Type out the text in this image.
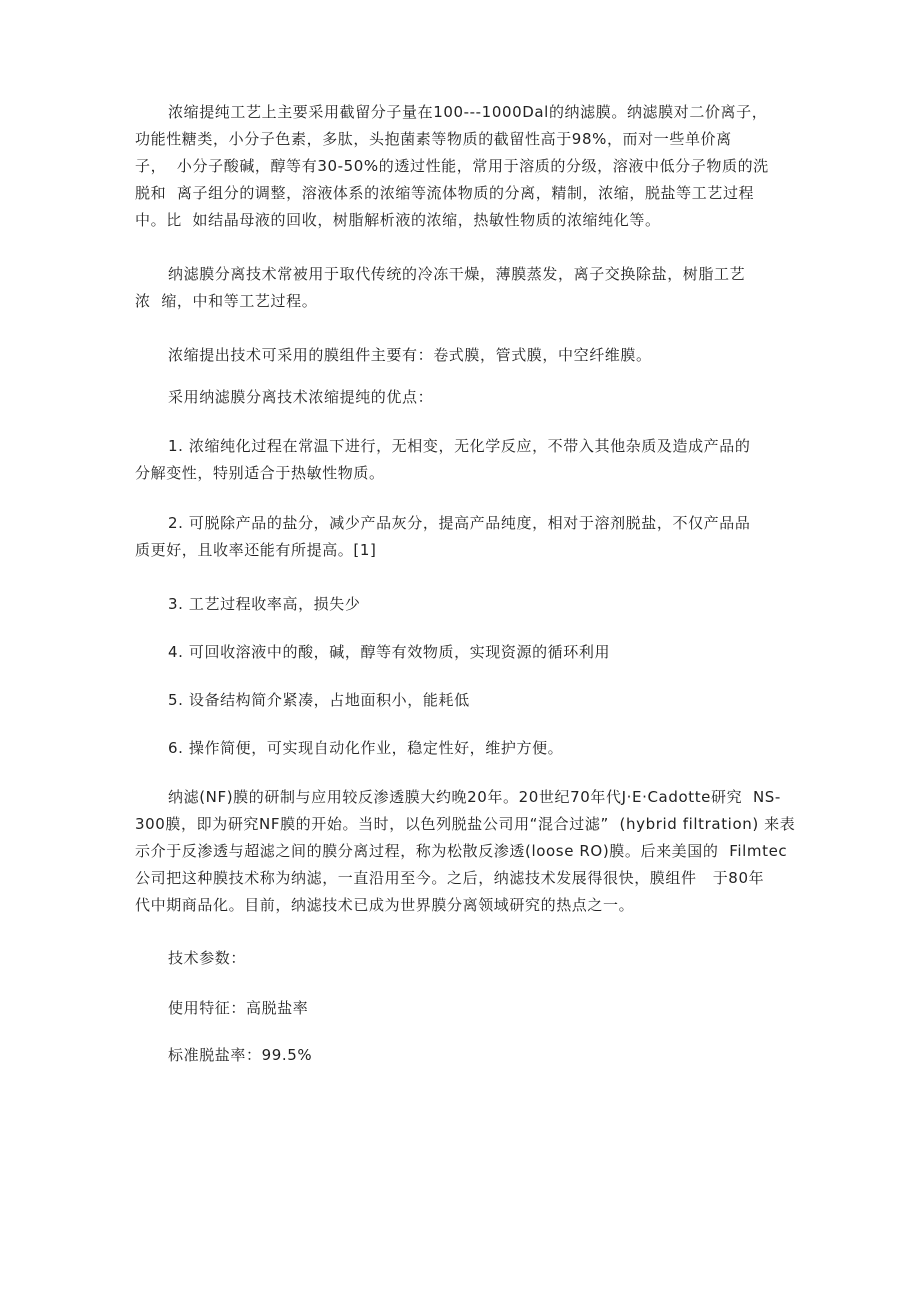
浓缩提纯工艺上主要采用截留分子量在100---1000Dal的纳滤膜。纳滤膜对二价离子，
功能性糖类，小分子色素，多肽，头抱菌素等物质的截留性高于98%，而对一些单价离
子，  小分子酸碱，醇等有30-50%的透过性能，常用于溶质的分级，溶液中低分子物质的洗
脱和  离子组分的调整，溶液体系的浓缩等流体物质的分离，精制，浓缩，脱盐等工艺过程
中。比  如结晶母液的回收，树脂解析液的浓缩，热敏性物质的浓缩纯化等。
纳滤膜分离技术常被用于取代传统的冷冻干燥，薄膜蒸发，离子交换除盐，树脂工艺
浓  缩，中和等工艺过程。
浓缩提出技术可采用的膜组件主要有：卷式膜，管式膜，中空纤维膜。
采用纳滤膜分离技术浓缩提纯的优点：
1. 浓缩纯化过程在常温下进行，无相变，无化学反应，不带入其他杂质及造成产品的
分解变性，特别适合于热敏性物质。
2. 可脱除产品的盐分，减少产品灰分，提高产品纯度，相对于溶剂脱盐，不仅产品品
质更好，且收率还能有所提高。[1]
3. 工艺过程收率高，损失少
4. 可回收溶液中的酸，碱，醇等有效物质，实现资源的循环利用
5. 设备结构简介紧凑，占地面积小，能耗低
6. 操作简便，可实现自动化作业，稳定性好，维护方便。
纳滤(NF)膜的研制与应用较反渗透膜大约晚20年。20世纪70年代J·E·Cadotte研究  NS-
300膜，即为研究NF膜的开始。当时，以色列脱盐公司用“混合过滤”  (hybrid filtration) 来表
示介于反渗透与超滤之间的膜分离过程，称为松散反渗透(loose RO)膜。后来美国的  Filmtec
公司把这种膜技术称为纳滤，一直沿用至今。之后，纳滤技术发展得很快，膜组件   于80年
代中期商品化。目前，纳滤技术已成为世界膜分离领域研究的热点之一。
技术参数：
使用特征：高脱盐率
标准脱盐率：99.5%
